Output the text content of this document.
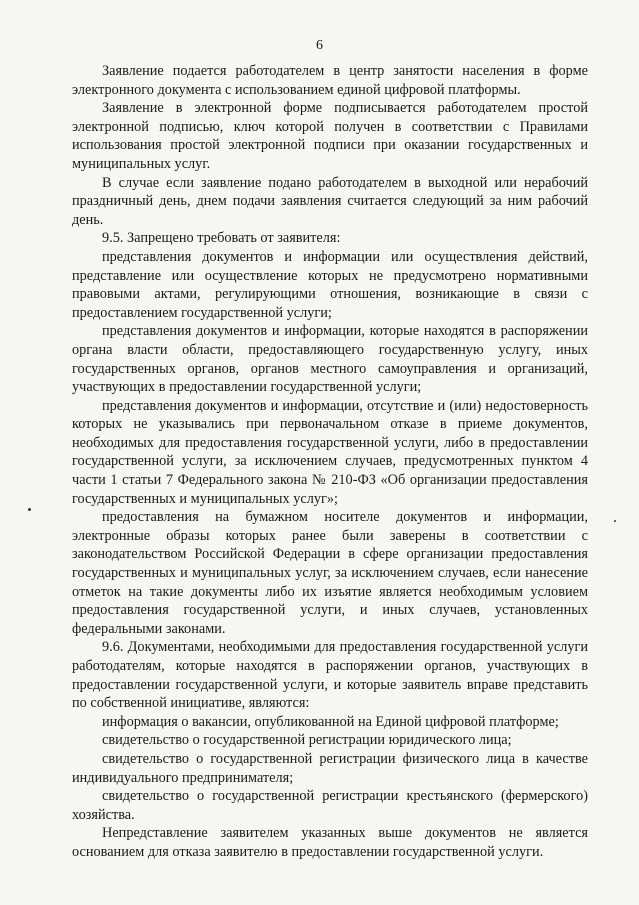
6

Заявление подается работодателем в центр занятости населения в форме электронного документа с использованием единой цифровой платформы.

Заявление в электронной форме подписывается работодателем простой электронной подписью, ключ которой получен в соответствии с Правилами использования простой электронной подписи при оказании государственных и муниципальных услуг.

В случае если заявление подано работодателем в выходной или нерабочий праздничный день, днем подачи заявления считается следующий за ним рабочий день.

9.5. Запрещено требовать от заявителя:

представления документов и информации или осуществления действий, представление или осуществление которых не предусмотрено нормативными правовыми актами, регулирующими отношения, возникающие в связи с предоставлением государственной услуги;

представления документов и информации, которые находятся в распоряжении органа власти области, предоставляющего государственную услугу, иных государственных органов, органов местного самоуправления и организаций, участвующих в предоставлении государственной услуги;

представления документов и информации, отсутствие и (или) недостоверность которых не указывались при первоначальном отказе в приеме документов, необходимых для предоставления государственной услуги, либо в предоставлении государственной услуги, за исключением случаев, предусмотренных пунктом 4 части 1 статьи 7 Федерального закона № 210-ФЗ «Об организации предоставления государственных и муниципальных услуг»;

предоставления на бумажном носителе документов и информации, электронные образы которых ранее были заверены в соответствии с законодательством Российской Федерации в сфере организации предоставления государственных и муниципальных услуг, за исключением случаев, если нанесение отметок на такие документы либо их изъятие является необходимым условием предоставления государственной услуги, и иных случаев, установленных федеральными законами.

9.6. Документами, необходимыми для предоставления государственной услуги работодателям, которые находятся в распоряжении органов, участвующих в предоставлении государственной услуги, и которые заявитель вправе представить по собственной инициативе, являются:

информация о вакансии, опубликованной на Единой цифровой платформе;

свидетельство о государственной регистрации юридического лица;

свидетельство о государственной регистрации физического лица в качестве индивидуального предпринимателя;

свидетельство о государственной регистрации крестьянского (фермерского) хозяйства.

Непредставление заявителем указанных выше документов не является основанием для отказа заявителю в предоставлении государственной услуги.
